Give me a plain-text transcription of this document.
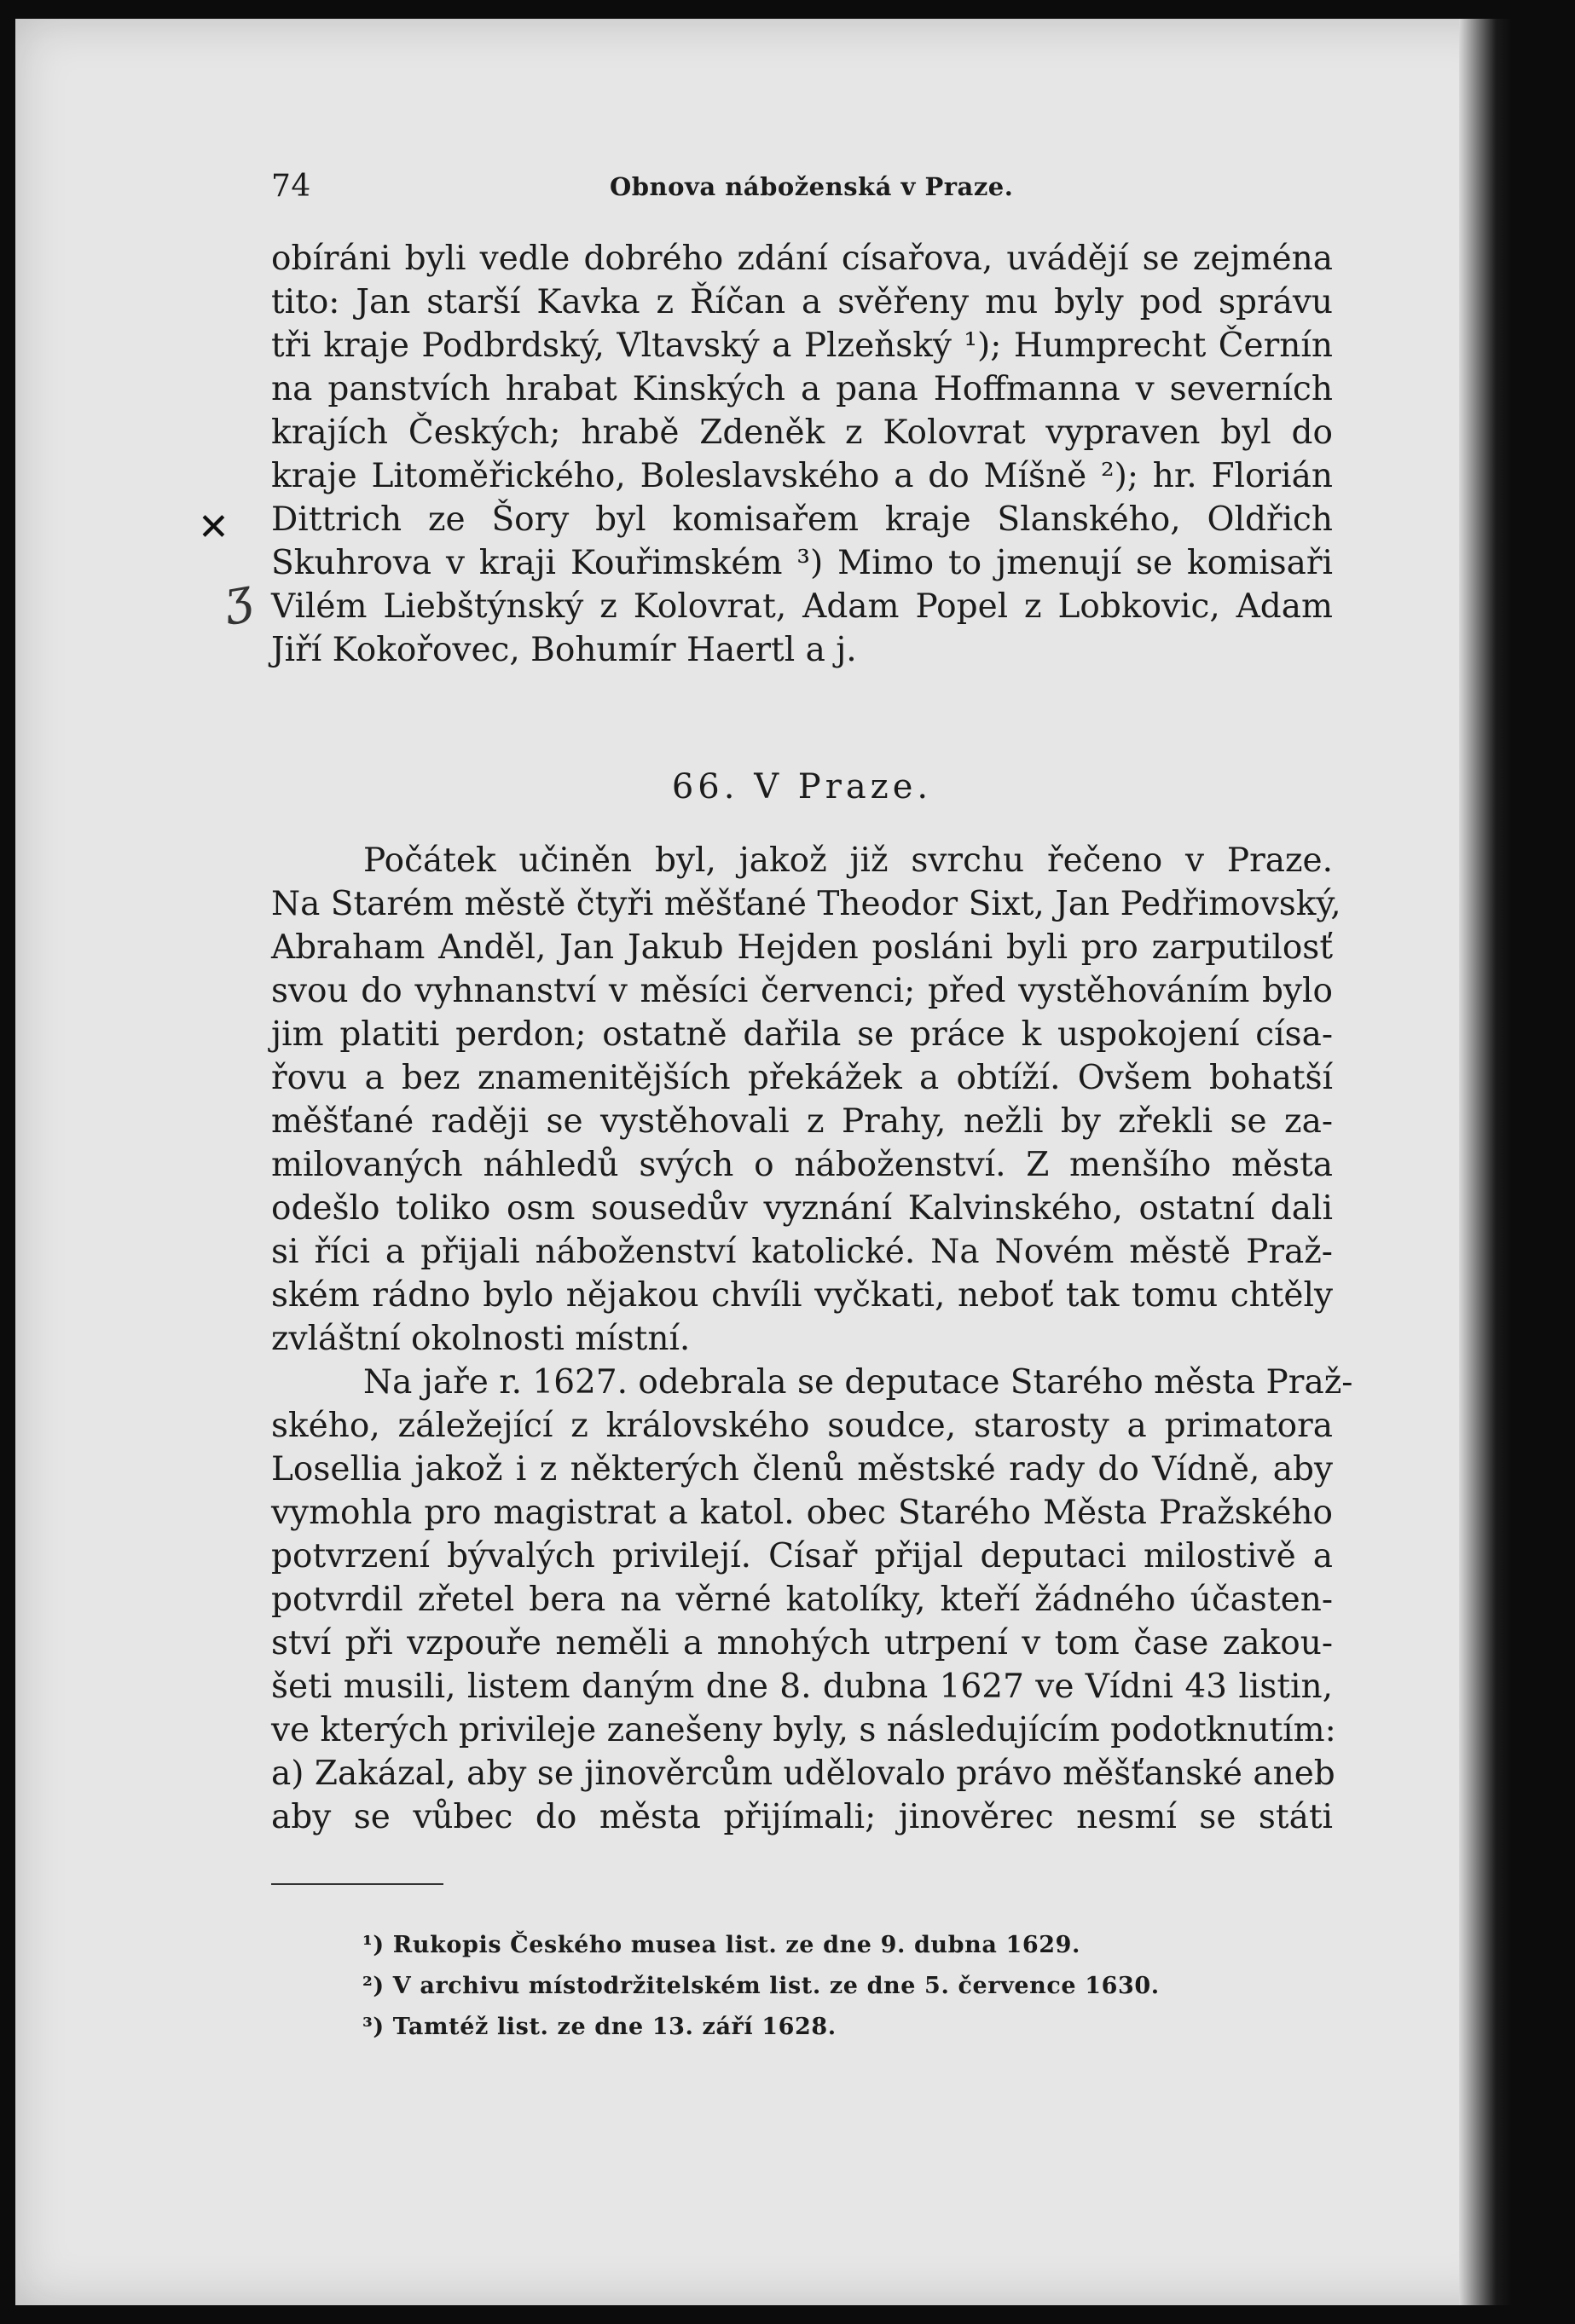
74	Obnova náboženská v Praze.
✕
ʒ
obíráni byli vedle dobrého zdání císařova, uvádějí se zejména
tito: Jan starší Kavka z Říčan a svěřeny mu byly pod správu
tři kraje Podbrdský, Vltavský a Plzeňský ¹); Humprecht Černín
na panstvích hrabat Kinských a pana Hoffmanna v severních
krajích Českých; hrabě Zdeněk z Kolovrat vypraven byl do
kraje Litoměřického, Boleslavského a do Míšně ²); hr. Florián
Dittrich ze Šory byl komisařem kraje Slanského, Oldřich
Skuhrova v kraji Kouřimském ³) Mimo to jmenují se komisaři
Vilém Liebštýnský z Kolovrat, Adam Popel z Lobkovic, Adam
Jiří Kokořovec, Bohumír Haertl a j.
66. V Praze.
Počátek učiněn byl, jakož již svrchu řečeno v Praze.
Na Starém městě čtyři měšťané Theodor Sixt, Jan Pedřimovský,
Abraham Anděl, Jan Jakub Hejden posláni byli pro zarputilosť
svou do vyhnanství v měsíci červenci; před vystěhováním bylo
jim platiti perdon; ostatně dařila se práce k uspokojení císa-
řovu a bez znamenitějších překážek a obtíží. Ovšem bohatší
měšťané raději se vystěhovali z Prahy, nežli by zřekli se za-
milovaných náhledů svých o náboženství. Z menšího města
odešlo toliko osm sousedův vyznání Kalvinského, ostatní dali
si říci a přijali náboženství katolické. Na Novém městě Praž-
ském rádno bylo nějakou chvíli vyčkati, neboť tak tomu chtěly
zvláštní okolnosti místní.
Na jaře r. 1627. odebrala se deputace Starého města Praž-
ského, záležející z královského soudce, starosty a primatora
Losellia jakož i z některých členů městské rady do Vídně, aby
vymohla pro magistrat a katol. obec Starého Města Pražského
potvrzení bývalých privilejí. Císař přijal deputaci milostivě a
potvrdil zřetel bera na věrné katolíky, kteří žádného účasten-
ství při vzpouře neměli a mnohých utrpení v tom čase zakou-
šeti musili, listem daným dne 8. dubna 1627 ve Vídni 43 listin,
ve kterých privileje zanešeny byly, s následujícím podotknutím:
a) Zakázal, aby se jinověrcům udělovalo právo měšťanské aneb
aby se vůbec do města přijímali; jinověrec nesmí se státi
¹) Rukopis Českého musea list. ze dne 9. dubna 1629.
²) V archivu místodržitelském list. ze dne 5. července 1630.
³) Tamtéž list. ze dne 13. září 1628.
